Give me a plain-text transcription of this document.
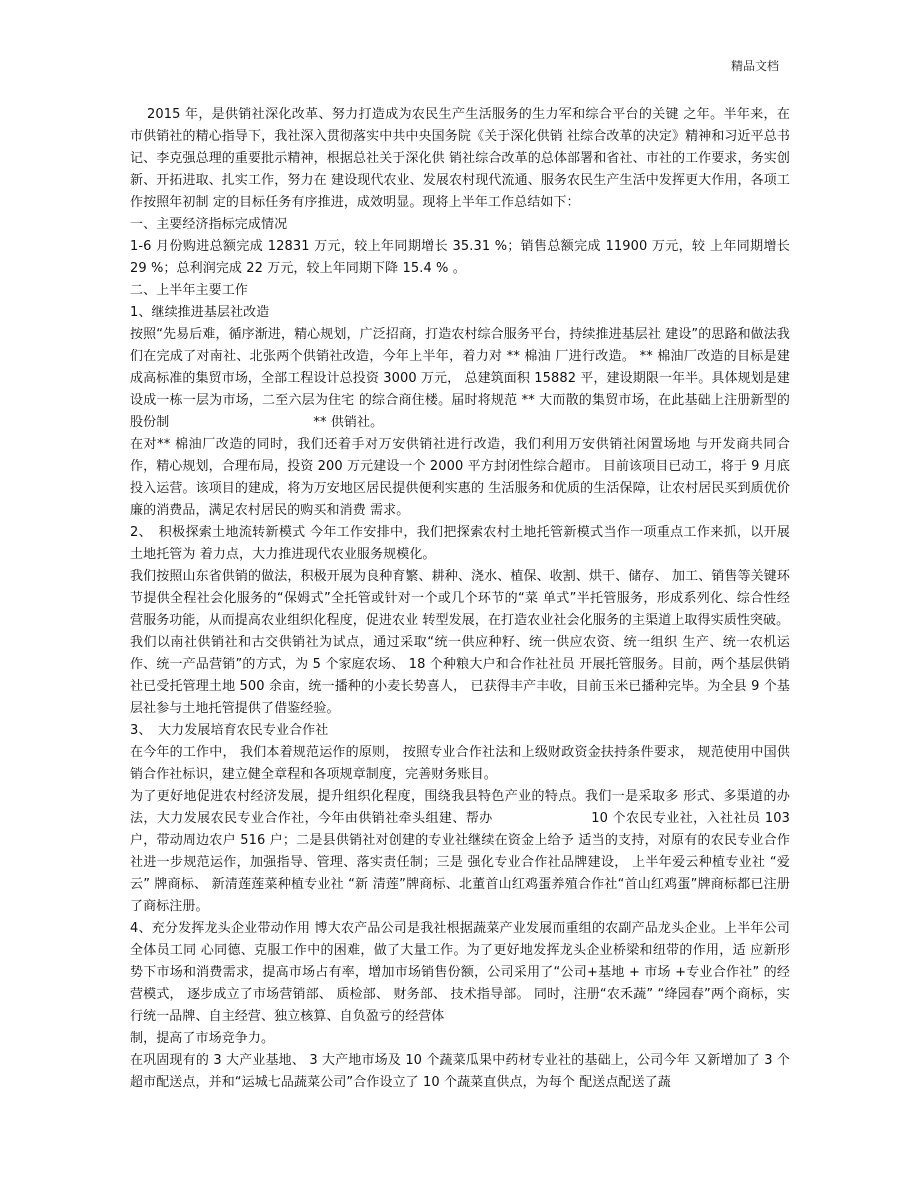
精品文档

2015 年，是供销社深化改革、努力打造成为农民生产生活服务的生力军和综合平台的关键 之年。半年来，在市供销社的精心指导下，我社深入贯彻落实中共中央国务院《关于深化供销 社综合改革的决定》精神和习近平总书记、李克强总理的重要批示精神，根据总社关于深化供 销社综合改革的总体部署和省社、市社的工作要求，务实创新、开拓进取、扎实工作，努力在 建设现代农业、发展农村现代流通、服务农民生产生活中发挥更大作用，各项工作按照年初制 定的目标任务有序推进，成效明显。现将上半年工作总结如下：

一、主要经济指标完成情况

1-6 月份购进总额完成 12831 万元，较上年同期增长 35.31 %；销售总额完成 11900 万元，较 上年同期增长 29 %；总利润完成 22 万元，较上年同期下降 15.4 % 。

二、上半年主要工作

1、继续推进基层社改造

按照“先易后难，循序渐进，精心规划，广泛招商，打造农村综合服务平台，持续推进基层社 建设”的思路和做法我们在完成了对南社、北张两个供销社改造，今年上半年，着力对 ** 棉油 厂进行改造。 ** 棉油厂改造的目标是建成高标准的集贸市场，全部工程设计总投资 3000 万元， 总建筑面积 15882 平，建设期限一年半。具体规划是建设成一栋一层为市场，二至六层为住宅 的综合商住楼。届时将规范 ** 大而散的集贸市场，在此基础上注册新型的股份制　　　　　　　　　　　** 供销社。

在对** 棉油厂改造的同时，我们还着手对万安供销社进行改造，我们利用万安供销社闲置场地 与开发商共同合作，精心规划，合理布局，投资 200 万元建设一个 2000 平方封闭性综合超市。 目前该项目已动工，将于 9 月底投入运营。该项目的建成，将为万安地区居民提供便利实惠的 生活服务和优质的生活保障，让农村居民买到质优价廉的消费品，满足农村居民的购买和消费 需求。

2、　积极探索土地流转新模式 今年工作安排中，我们把探索农村土地托管新模式当作一项重点工作来抓，以开展土地托管为 着力点，大力推进现代农业服务规模化。

我们按照山东省供销的做法，积极开展为良种育繁、耕种、浇水、植保、收割、烘干、储存、 加工、销售等关键环节提供全程社会化服务的“保姆式”全托管或针对一个或几个环节的“菜 单式”半托管服务，形成系列化、综合性经营服务功能，从而提高农业组织化程度，促进农业 转型发展，在打造农业社会化服务的主渠道上取得实质性突破。

我们以南社供销社和古交供销社为试点，通过采取“统一供应种籽、统一供应农资、统一组织 生产、统一农机运作、统一产品营销”的方式，为 5 个家庭农场、 18 个种粮大户和合作社社员 开展托管服务。目前，两个基层供销社已受托管理土地 500 余亩，统一播种的小麦长势喜人， 已获得丰产丰收，目前玉米已播种完毕。为全县 9 个基层社参与土地托管提供了借鉴经验。

3、　大力发展培育农民专业合作社

在今年的工作中， 我们本着规范运作的原则， 按照专业合作社法和上级财政资金扶持条件要求， 规范使用中国供销合作社标识，建立健全章程和各项规章制度，完善财务账目。

为了更好地促进农村经济发展，提升组织化程度，围绕我县特色产业的特点。我们一是采取多 形式、多渠道的办法，大力发展农民专业合作社，今年由供销社牵头组建、帮办　　　　　　　 10 个农民专业社，入社社员 103 户，带动周边农户 516 户；二是县供销社对创建的专业社继续在资金上给予 适当的支持，对原有的农民专业合作社进一步规范运作，加强指导、管理、落实责任制；三是 强化专业合作社品牌建设， 上半年爱云种植专业社 “爱云” 牌商标、 新清莲莲菜种植专业社 “新 清莲”牌商标、北董首山红鸡蛋养殖合作社“首山红鸡蛋”牌商标都已注册了商标注册。

4、充分发挥龙头企业带动作用 博大农产品公司是我社根据蔬菜产业发展而重组的农副产品龙头企业。上半年公司全体员工同 心同德、克服工作中的困难，做了大量工作。为了更好地发挥龙头企业桥梁和纽带的作用，适 应新形势下市场和消费需求，提高市场占有率，增加市场销售份额，公司采用了“公司+基地 + 市场 +专业合作社” 的经营模式， 逐步成立了市场营销部、 质检部、 财务部、 技术指导部。 同时，注册“农禾蔬” “绛园春”两个商标，实行统一品牌、自主经营、独立核算、自负盈亏的经营体

制，提高了市场竞争力。

在巩固现有的 3 大产业基地、 3 大产地市场及 10 个蔬菜瓜果中药材专业社的基础上，公司今年 又新增加了 3 个超市配送点，并和“运城七品蔬菜公司”合作设立了 10 个蔬菜直供点，为每个 配送点配送了蔬
